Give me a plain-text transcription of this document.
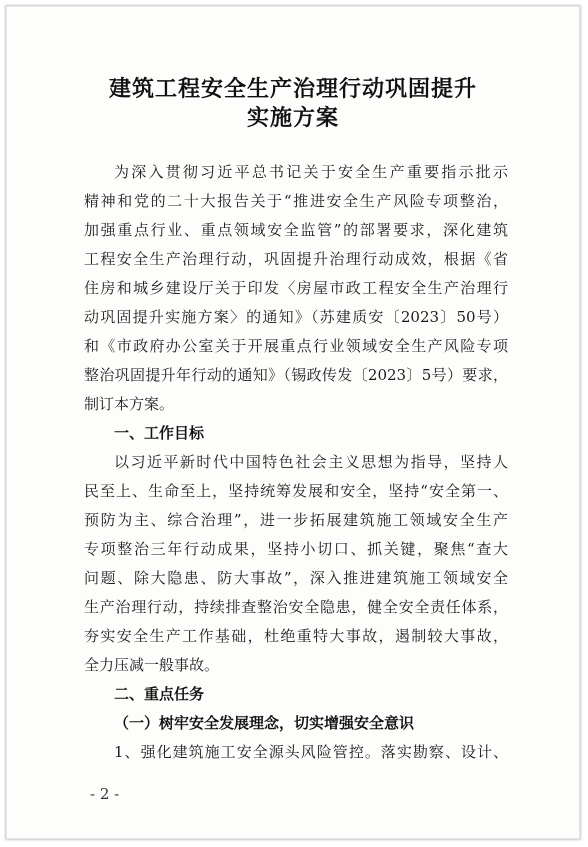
建筑工程安全生产治理行动巩固提升
实施方案
为深入贯彻习近平总书记关于安全生产重要指示批示
精神和党的二十大报告关于“推进安全生产风险专项整治，
加强重点行业、重点领域安全监管”的部署要求，深化建筑
工程安全生产治理行动，巩固提升治理行动成效，根据《省
住房和城乡建设厅关于印发〈房屋市政工程安全生产治理行
动巩固提升实施方案〉的通知》（苏建质安〔2023〕50号）
和《市政府办公室关于开展重点行业领域安全生产风险专项
整治巩固提升年行动的通知》（锡政传发〔2023〕5号）要求，
制订本方案。
一、工作目标
以习近平新时代中国特色社会主义思想为指导，坚持人
民至上、生命至上，坚持统筹发展和安全，坚持“安全第一、
预防为主、综合治理”，进一步拓展建筑施工领域安全生产
专项整治三年行动成果，坚持小切口、抓关键，聚焦“查大
问题、除大隐患、防大事故”，深入推进建筑施工领域安全
生产治理行动，持续排查整治安全隐患，健全安全责任体系，
夯实安全生产工作基础，杜绝重特大事故，遏制较大事故，
全力压减一般事故。
二、重点任务
（一）树牢安全发展理念，切实增强安全意识
1、强化建筑施工安全源头风险管控。落实勘察、设计、
- 2 -
